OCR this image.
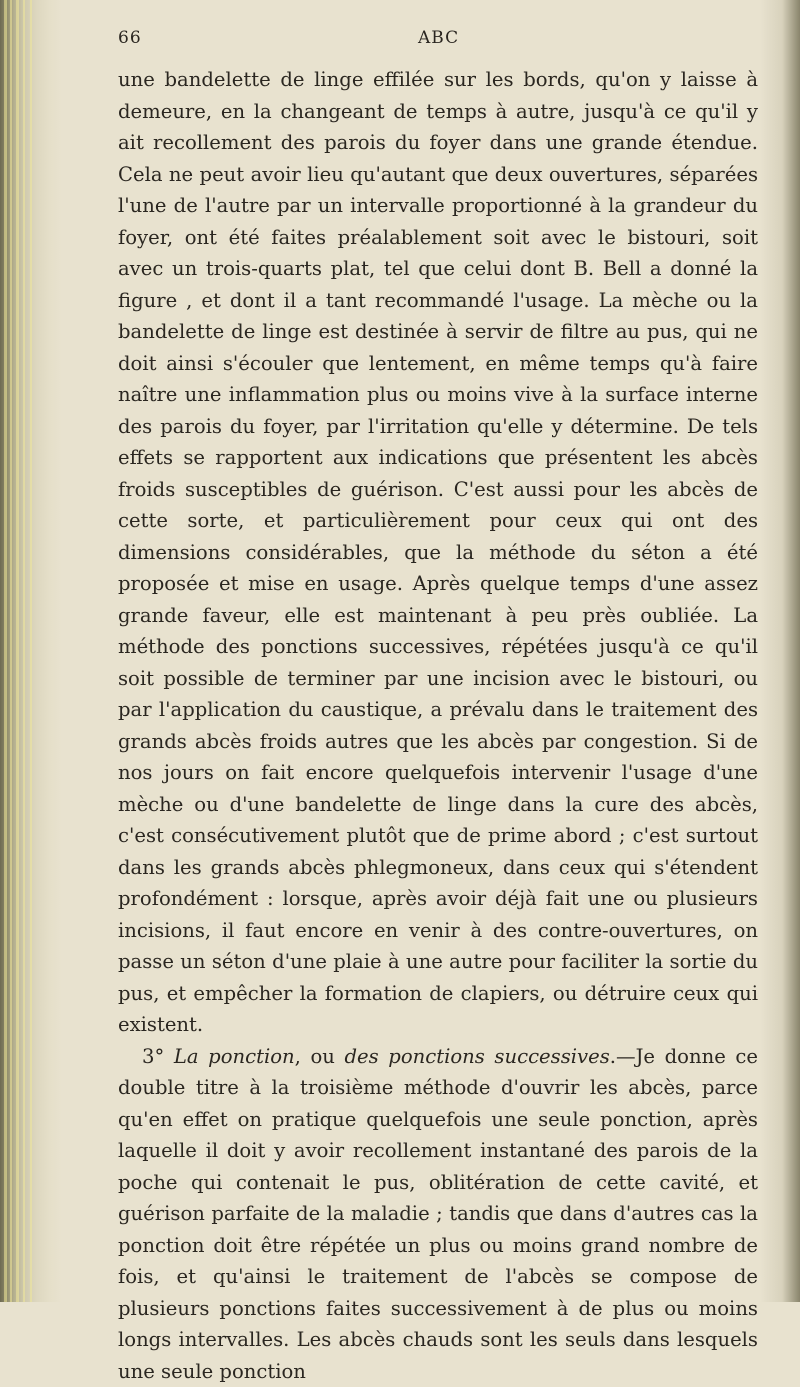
66	ABC

une bandelette de linge effilée sur les bords, qu'on y laisse à demeure, en la changeant de temps à autre, jusqu'à ce qu'il y ait recollement des parois du foyer dans une grande étendue. Cela ne peut avoir lieu qu'autant que deux ouvertures, séparées l'une de l'autre par un intervalle proportionné à la grandeur du foyer, ont été faites préalablement soit avec le bistouri, soit avec un trois-quarts plat, tel que celui dont B. Bell a donné la figure , et dont il a tant recommandé l'usage. La mèche ou la bandelette de linge est destinée à servir de filtre au pus, qui ne doit ainsi s'écouler que lentement, en même temps qu'à faire naître une inflammation plus ou moins vive à la surface interne des parois du foyer, par l'irritation qu'elle y détermine. De tels effets se rapportent aux indications que présentent les abcès froids susceptibles de guérison. C'est aussi pour les abcès de cette sorte, et particulièrement pour ceux qui ont des dimensions considérables, que la méthode du séton a été proposée et mise en usage. Après quelque temps d'une assez grande faveur, elle est maintenant à peu près oubliée. La méthode des ponctions successives, répétées jusqu'à ce qu'il soit possible de terminer par une incision avec le bistouri, ou par l'application du caustique, a prévalu dans le traitement des grands abcès froids autres que les abcès par congestion. Si de nos jours on fait encore quelquefois intervenir l'usage d'une mèche ou d'une bandelette de linge dans la cure des abcès, c'est consécutivement plutôt que de prime abord ; c'est surtout dans les grands abcès phlegmoneux, dans ceux qui s'étendent profondément : lorsque, après avoir déjà fait une ou plusieurs incisions, il faut encore en venir à des contre-ouvertures, on passe un séton d'une plaie à une autre pour faciliter la sortie du pus, et empêcher la formation de clapiers, ou détruire ceux qui existent.

3° La ponction, ou des ponctions successives.—Je donne ce double titre à la troisième méthode d'ouvrir les abcès, parce qu'en effet on pratique quelquefois une seule ponction, après laquelle il doit y avoir recollement instantané des parois de la poche qui contenait le pus, oblitération de cette cavité, et guérison parfaite de la maladie ; tandis que dans d'autres cas la ponction doit être répétée un plus ou moins grand nombre de fois, et qu'ainsi le traitement de l'abcès se compose de plusieurs ponctions faites successivement à de plus ou moins longs intervalles. Les abcès chauds sont les seuls dans lesquels une seule ponction
